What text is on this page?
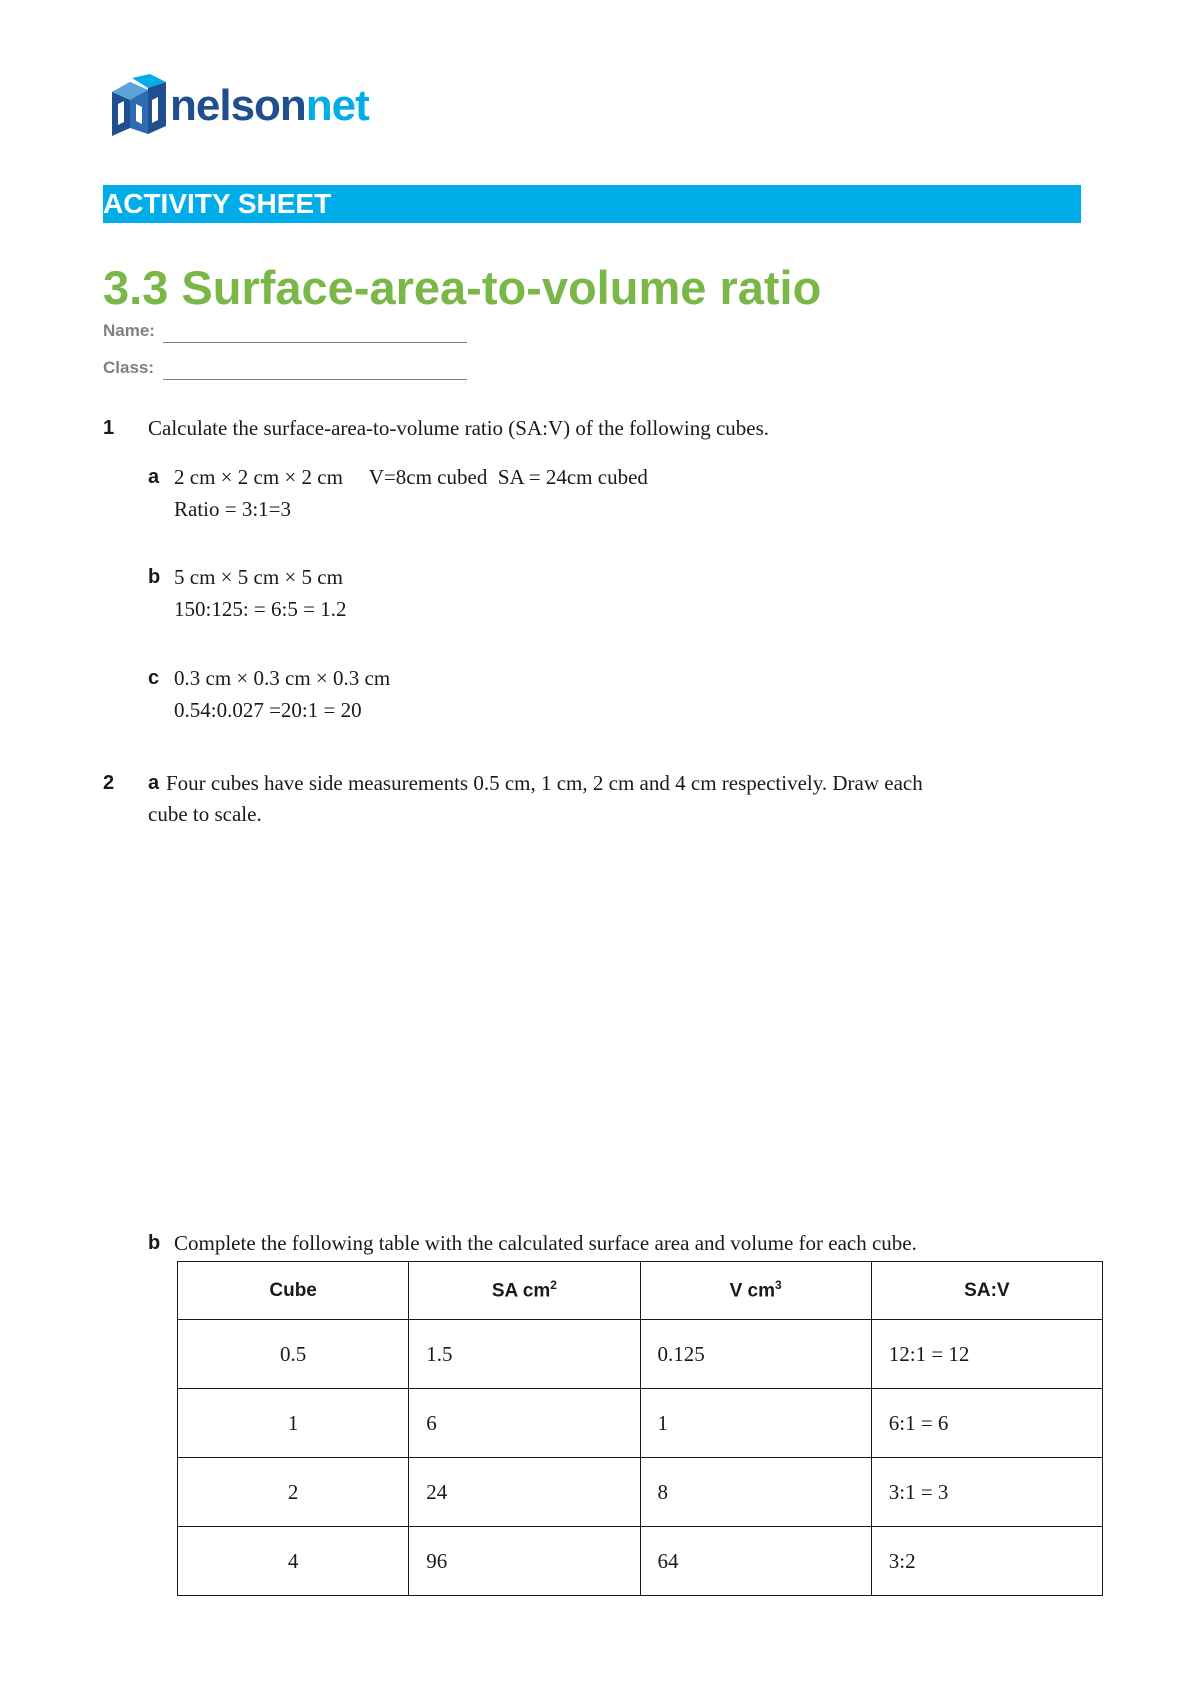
nelsonnet
ACTIVITY SHEET
3.3 Surface-area-to-volume ratio
Name:
Class:
1 Calculate the surface-area-to-volume ratio (SA:V) of the following cubes.
a 2 cm × 2 cm × 2 cm     V=8cm cubed  SA = 24cm cubed
Ratio = 3:1=3
b 5 cm × 5 cm × 5 cm
150:125: = 6:5 = 1.2
c 0.3 cm × 0.3 cm × 0.3 cm
0.54:0.027 =20:1 = 20
2 a Four cubes have side measurements 0.5 cm, 1 cm, 2 cm and 4 cm respectively. Draw each
cube to scale.
b Complete the following table with the calculated surface area and volume for each cube.
Cube	SA $cm^2$	V $cm^3$	SA:V
0.5	1.5	0.125	12:1 = 12
1	6	1	6:1 = 6
2	24	8	3:1 = 3
4	96	64	3:2
